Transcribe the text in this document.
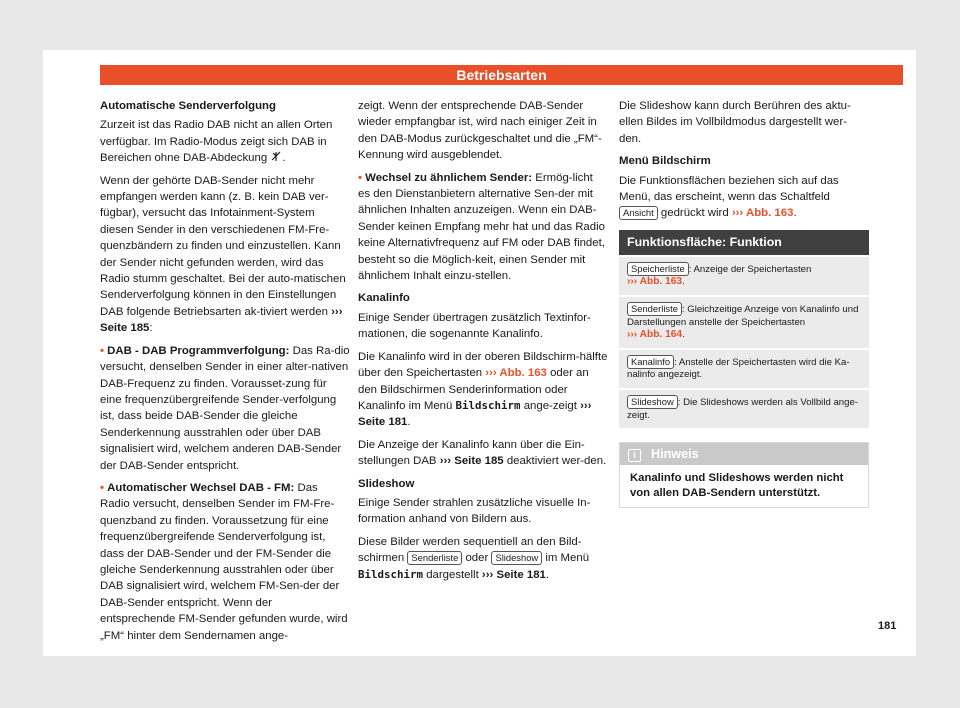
Betriebsarten

Automatische Senderverfolgung

Zurzeit ist das Radio DAB nicht an allen Orten verfügbar. Im Radio-Modus zeigt sich DAB in Bereichen ohne DAB-Abdeckung .

Wenn der gehörte DAB-Sender nicht mehr empfangen werden kann (z. B. kein DAB ver-fügbar), versucht das Infotainment-System diesen Sender in den verschiedenen FM-Fre-quenzbändern zu finden und einzustellen. Kann der Sender nicht gefunden werden, wird das Radio stumm geschaltet. Bei der auto-matischen Senderverfolgung können in den Einstellungen DAB folgende Betriebsarten ak-tiviert werden ››› Seite 185:

• DAB - DAB Programmverfolgung: Das Ra-dio versucht, denselben Sender in einer alter-nativen DAB-Frequenz zu finden. Vorausset-zung für eine frequenzübergreifende Sender-verfolgung ist, dass beide DAB-Sender die gleiche Senderkennung ausstrahlen oder über DAB signalisiert wird, welchem anderen DAB-Sender der DAB-Sender entspricht.

• Automatischer Wechsel DAB - FM: Das Radio versucht, denselben Sender im FM-Fre-quenzband zu finden. Voraussetzung für eine frequenzübergreifende Senderverfolgung ist, dass der DAB-Sender und der FM-Sender die gleiche Senderkennung ausstrahlen oder über DAB signalisiert wird, welchem FM-Sen-der der DAB-Sender entspricht. Wenn der entsprechende FM-Sender gefunden wurde, wird „FM“ hinter dem Sendernamen ange-

zeigt. Wenn der entsprechende DAB-Sender wieder empfangbar ist, wird nach einiger Zeit in den DAB-Modus zurückgeschaltet und die „FM“-Kennung wird ausgeblendet.

• Wechsel zu ähnlichem Sender: Ermög-licht es den Dienstanbietern alternative Sen-der mit ähnlichen Inhalten anzuzeigen. Wenn ein DAB-Sender keinen Empfang mehr hat und das Radio keine Alternativfrequenz auf FM oder DAB findet, besteht so die Möglich-keit, einen Sender mit ähnlichem Inhalt einzu-stellen.

Kanalinfo

Einige Sender übertragen zusätzlich Textinfor-mationen, die sogenannte Kanalinfo.

Die Kanalinfo wird in der oberen Bildschirm-hälfte über den Speichertasten ››› Abb. 163 oder an den Bildschirmen Senderinformation oder Kanalinfo im Menü Bildschirm ange-zeigt ››› Seite 181.

Die Anzeige der Kanalinfo kann über die Ein-stellungen DAB ››› Seite 185 deaktiviert wer-den.

Slideshow

Einige Sender strahlen zusätzliche visuelle In-formation anhand von Bildern aus.

Diese Bilder werden sequentiell an den Bild-schirmen Senderliste oder Slideshow im Menü Bildschirm dargestellt ››› Seite 181.

Die Slideshow kann durch Berühren des aktu-ellen Bildes im Vollbildmodus dargestellt wer-den.

Menü Bildschirm

Die Funktionsflächen beziehen sich auf das Menü, das erscheint, wenn das Schaltfeld Ansicht gedrückt wird ››› Abb. 163.

Funktionsfläche: Funktion
Speicherliste : Anzeige der Speichertasten
››› Abb. 163.
Senderliste : Gleichzeitige Anzeige von Kanalinfo und Darstellungen anstelle der Speichertasten
››› Abb. 164.
Kanalinfo : Anstelle der Speichertasten wird die Ka-nalinfo angezeigt.
Slideshow : Die Slideshows werden als Vollbild ange-zeigt.
i Hinweis
Kanalinfo und Slideshows werden nicht von allen DAB-Sendern unterstützt.
181
